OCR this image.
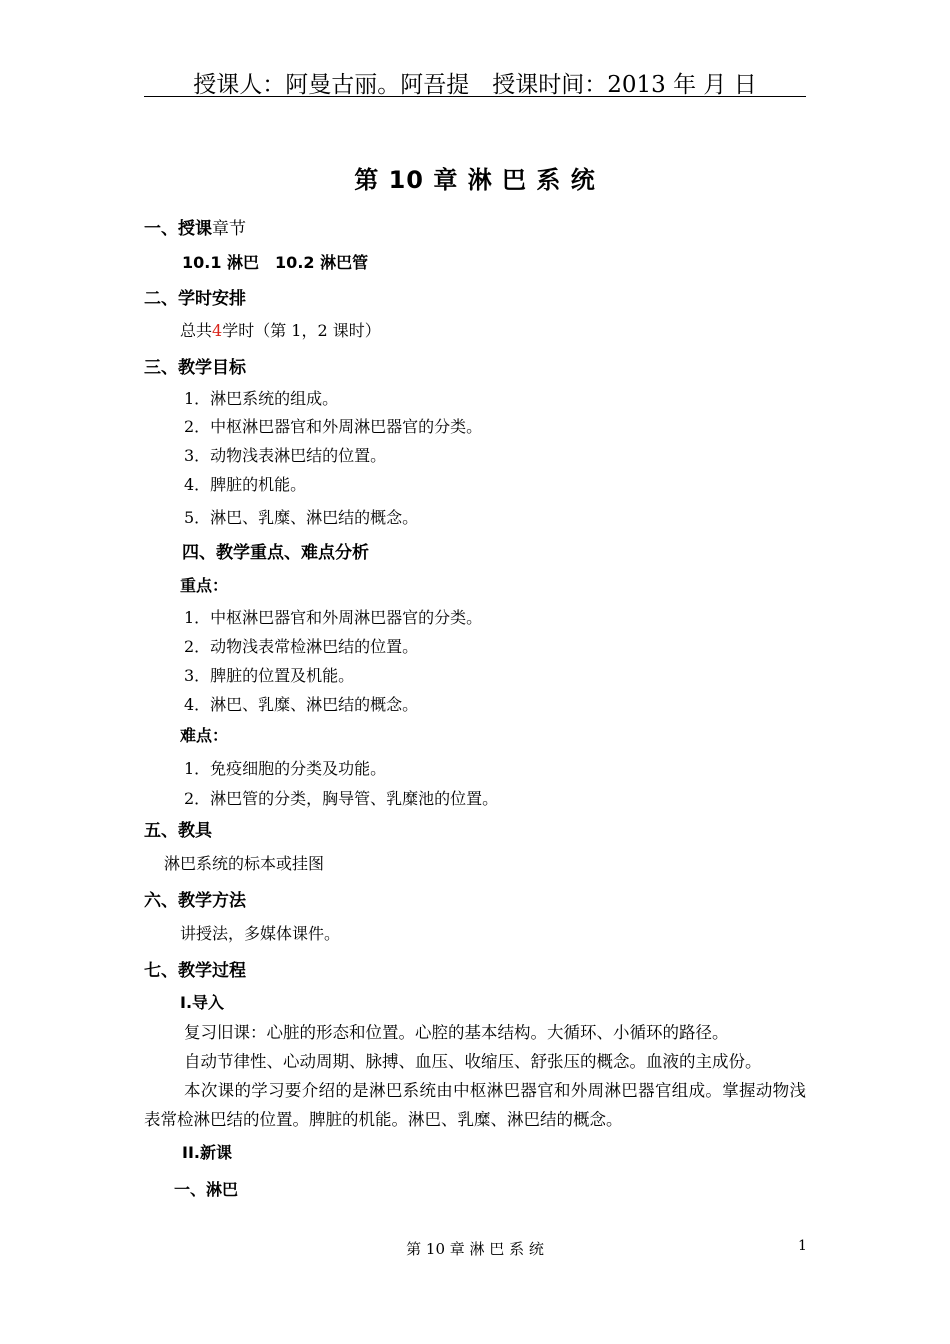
授课人：阿曼古丽。阿吾提　授课时间：2013 年 月 日
第 10 章 淋 巴 系 统
一、授课章节
10.1 淋巴　10.2 淋巴管
二、学时安排
总共4学时（第 1，2 课时）
三、教学目标
1．淋巴系统的组成。
2．中枢淋巴器官和外周淋巴器官的分类。
3．动物浅表淋巴结的位置。
4．脾脏的机能。
5．淋巴、乳糜、淋巴结的概念。
四、教学重点、难点分析
重点：
1．中枢淋巴器官和外周淋巴器官的分类。
2．动物浅表常检淋巴结的位置。
3．脾脏的位置及机能。
4．淋巴、乳糜、淋巴结的概念。
难点：
1．免疫细胞的分类及功能。
2．淋巴管的分类，胸导管、乳糜池的位置。
五、教具
淋巴系统的标本或挂图
六、教学方法
讲授法，多媒体课件。
七、教学过程
I.导入
复习旧课：心脏的形态和位置。心腔的基本结构。大循环、小循环的路径。
自动节律性、心动周期、脉搏、血压、收缩压、舒张压的概念。血液的主成份。
本次课的学习要介绍的是淋巴系统由中枢淋巴器官和外周淋巴器官组成。掌握动物浅表常检淋巴结的位置。脾脏的机能。淋巴、乳糜、淋巴结的概念。
II.新课
一、淋巴
第 10 章 淋 巴 系 统	1
